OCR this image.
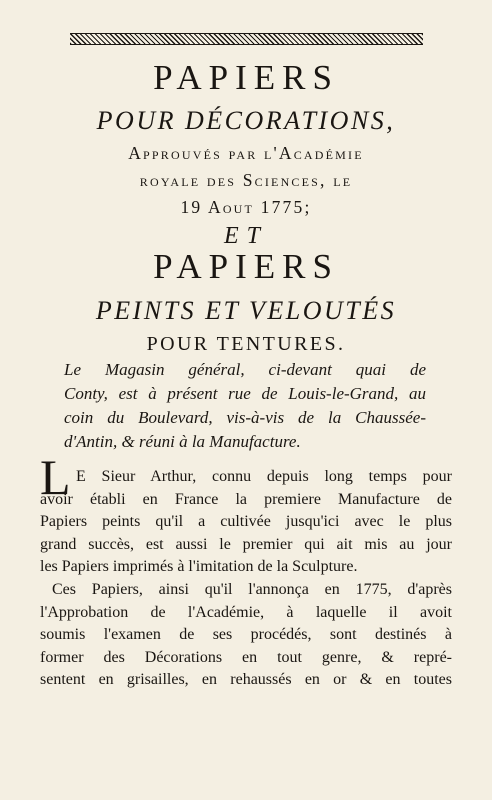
PAPIERS
POUR DÉCORATIONS,
Approuvés par l'Académie
royale des Sciences, le
19 Aout 1775;
ET
PAPIERS
PEINTS ET VELOUTÉS
POUR TENTURES.
Le Magasin général, ci-devant quai de
Conty, est à présent rue de Louis-le-Grand, au
coin du Boulevard, vis-à-vis de la Chaussée-
d'Antin, & réuni à la Manufacture.
L E Sieur Arthur, connu depuis long temps pour
avoir établi en France la premiere Manufacture de
Papiers peints qu'il a cultivée jusqu'ici avec le plus
grand succès, est aussi le premier qui ait mis au jour
les Papiers imprimés à l'imitation de la Sculpture.
Ces Papiers, ainsi qu'il l'annonça en 1775, d'après
l'Approbation de l'Académie, à laquelle il avoit
soumis l'examen de ses procédés, sont destinés à
former des Décorations en tout genre, & repré-
sentent en grisailles, en rehaussés en or & en toutes
